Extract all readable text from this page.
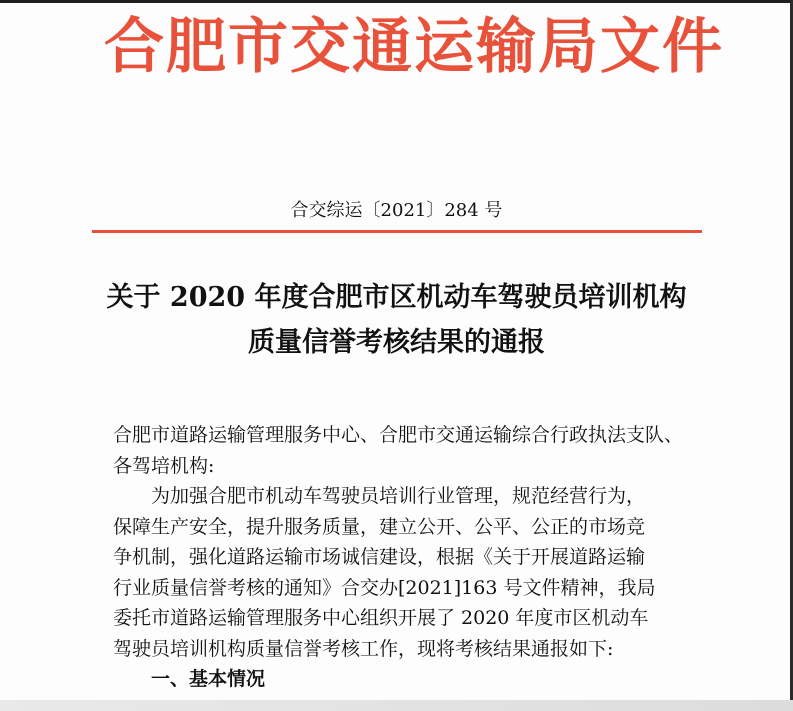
合肥市交通运输局文件
合交综运〔2021〕284 号
关于 2020 年度合肥市区机动车驾驶员培训机构
质量信誉考核结果的通报
合肥市道路运输管理服务中心、合肥市交通运输综合行政执法支队、
各驾培机构:
为加强合肥市机动车驾驶员培训行业管理，规范经营行为，
保障生产安全，提升服务质量，建立公开、公平、公正的市场竞
争机制，强化道路运输市场诚信建设，根据《关于开展道路运输
行业质量信誉考核的通知》合交办[2021]163 号文件精神，我局
委托市道路运输管理服务中心组织开展了 2020 年度市区机动车
驾驶员培训机构质量信誉考核工作，现将考核结果通报如下:
一、基本情况
